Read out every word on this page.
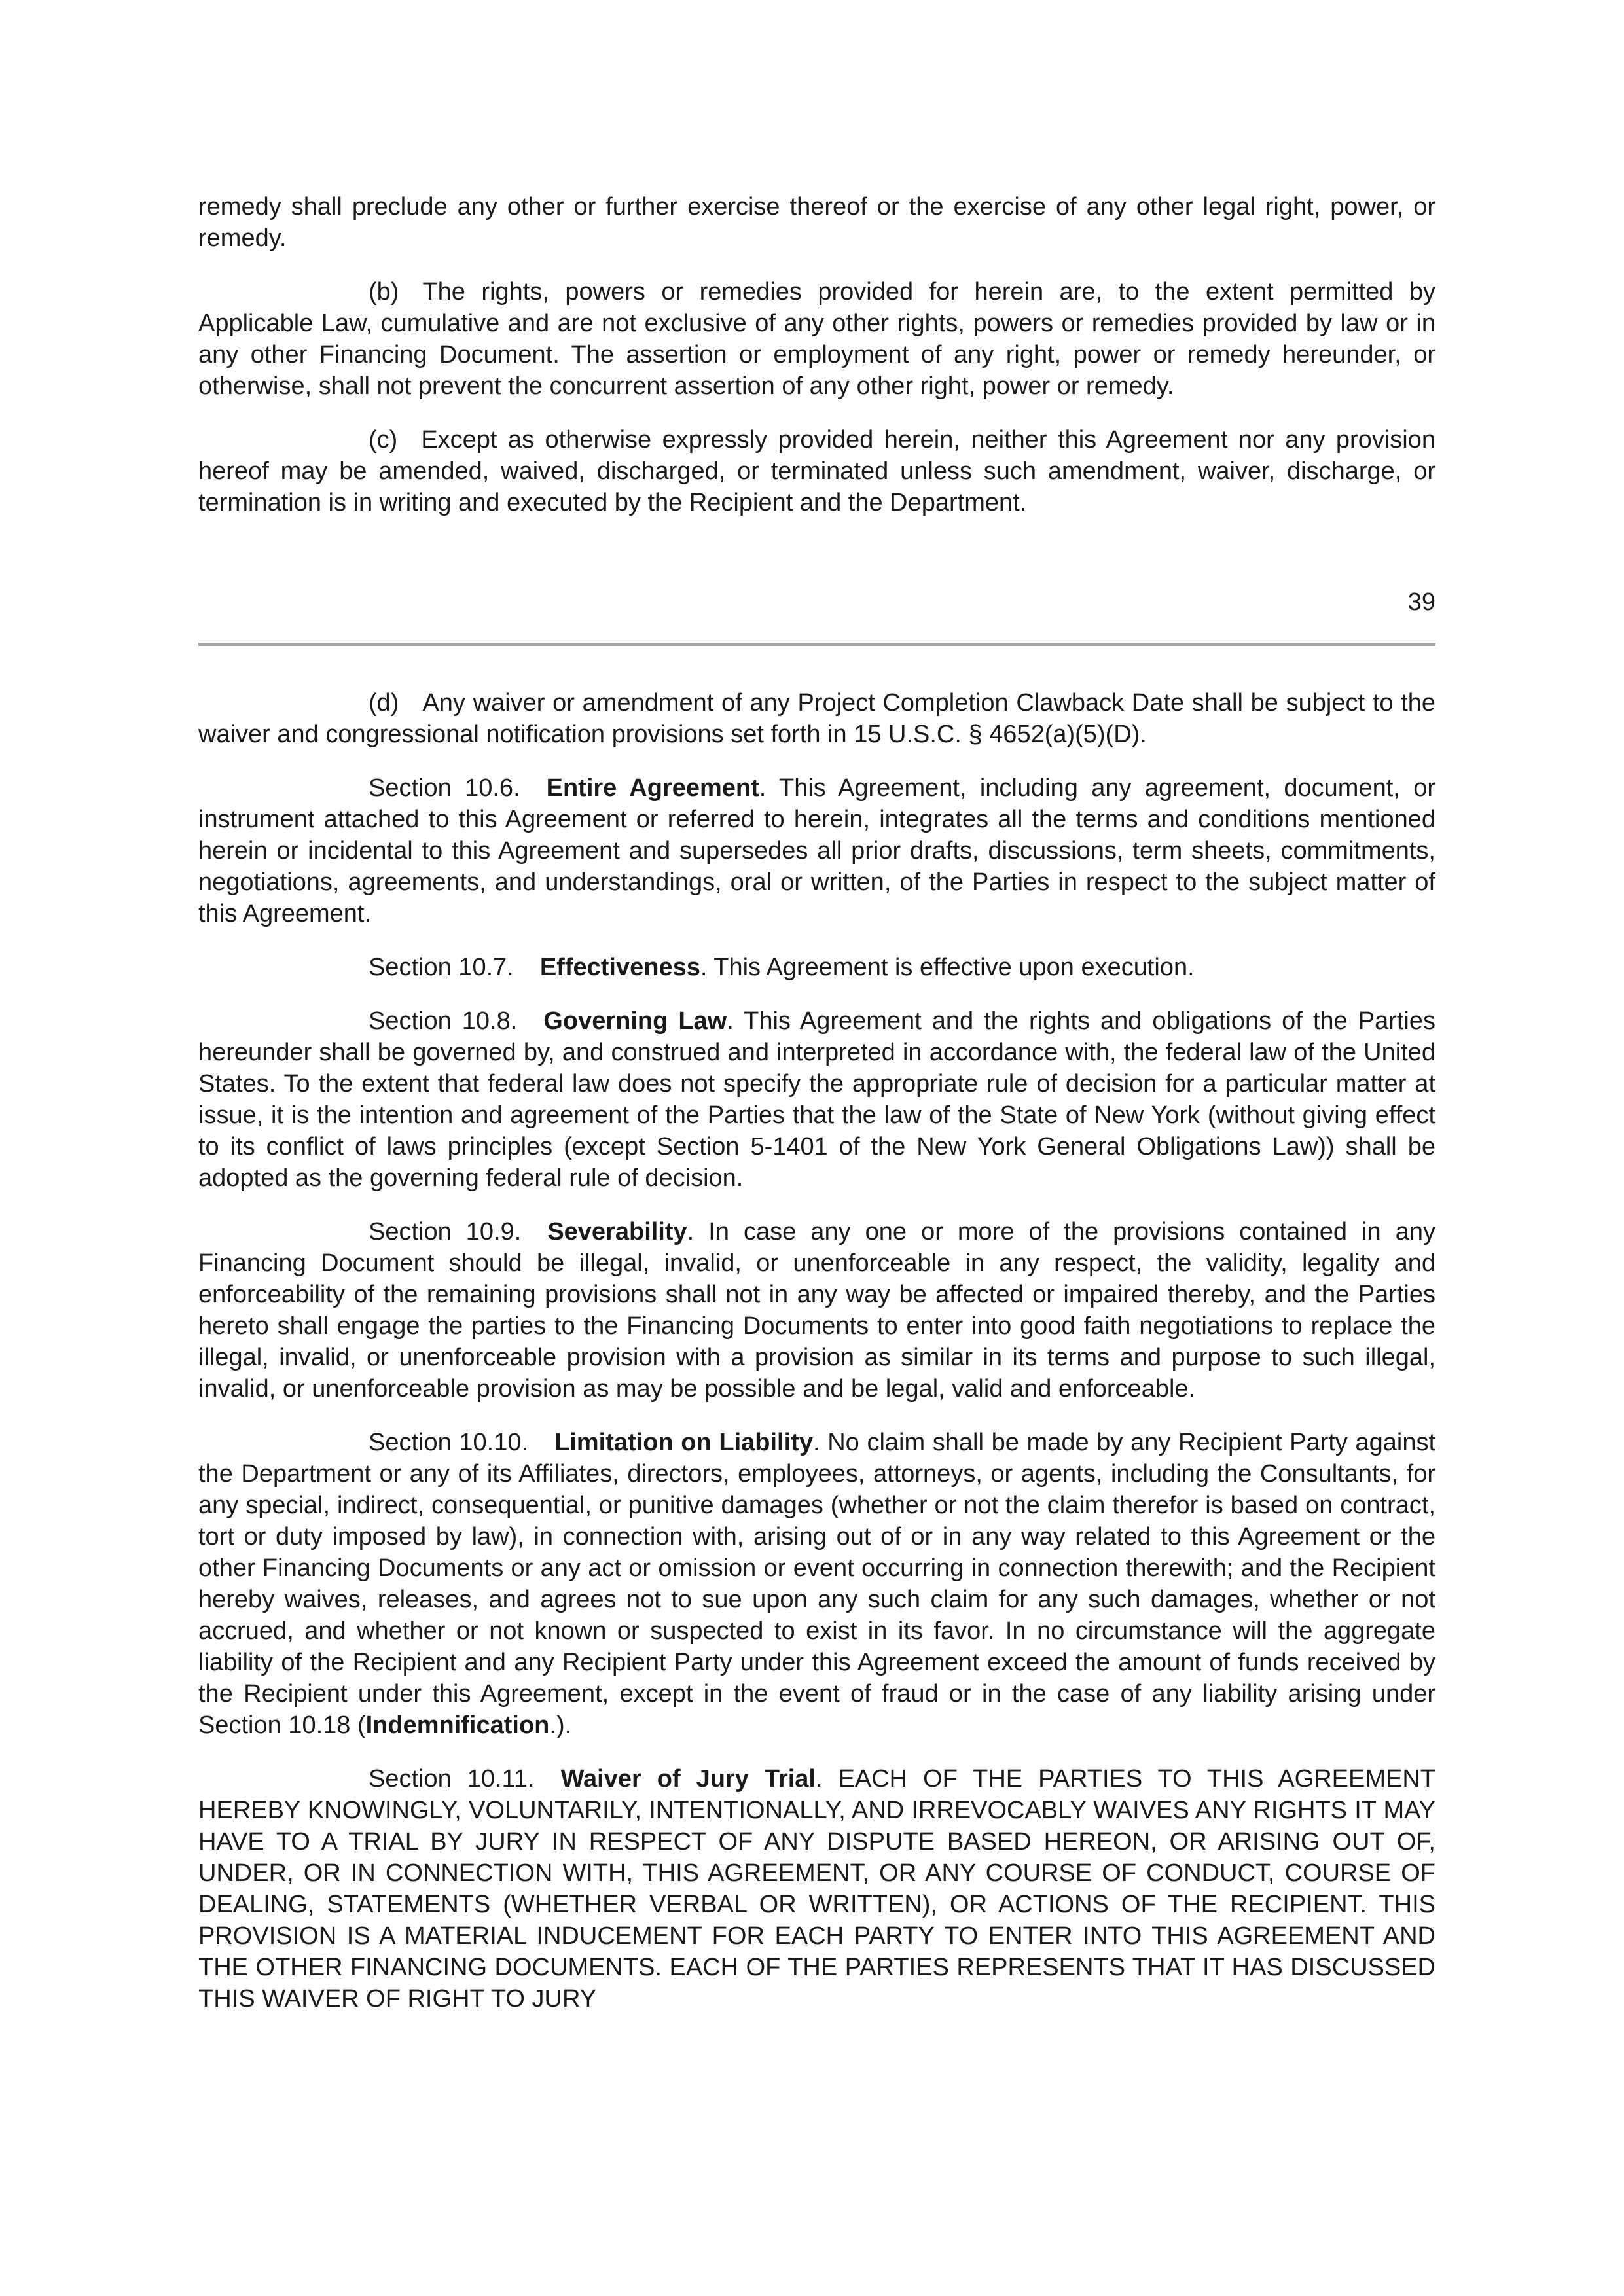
remedy shall preclude any other or further exercise thereof or the exercise of any other legal right, power, or remedy.

(b) The rights, powers or remedies provided for herein are, to the extent permitted by Applicable Law, cumulative and are not exclusive of any other rights, powers or remedies provided by law or in any other Financing Document. The assertion or employment of any right, power or remedy hereunder, or otherwise, shall not prevent the concurrent assertion of any other right, power or remedy.

(c) Except as otherwise expressly provided herein, neither this Agreement nor any provision hereof may be amended, waived, discharged, or terminated unless such amendment, waiver, discharge, or termination is in writing and executed by the Recipient and the Department.

39

(d) Any waiver or amendment of any Project Completion Clawback Date shall be subject to the waiver and congressional notification provisions set forth in 15 U.S.C. § 4652(a)(5)(D).

Section 10.6. Entire Agreement. This Agreement, including any agreement, document, or instrument attached to this Agreement or referred to herein, integrates all the terms and conditions mentioned herein or incidental to this Agreement and supersedes all prior drafts, discussions, term sheets, commitments, negotiations, agreements, and understandings, oral or written, of the Parties in respect to the subject matter of this Agreement.

Section 10.7. Effectiveness. This Agreement is effective upon execution.

Section 10.8. Governing Law. This Agreement and the rights and obligations of the Parties hereunder shall be governed by, and construed and interpreted in accordance with, the federal law of the United States. To the extent that federal law does not specify the appropriate rule of decision for a particular matter at issue, it is the intention and agreement of the Parties that the law of the State of New York (without giving effect to its conflict of laws principles (except Section 5-1401 of the New York General Obligations Law)) shall be adopted as the governing federal rule of decision.

Section 10.9. Severability. In case any one or more of the provisions contained in any Financing Document should be illegal, invalid, or unenforceable in any respect, the validity, legality and enforceability of the remaining provisions shall not in any way be affected or impaired thereby, and the Parties hereto shall engage the parties to the Financing Documents to enter into good faith negotiations to replace the illegal, invalid, or unenforceable provision with a provision as similar in its terms and purpose to such illegal, invalid, or unenforceable provision as may be possible and be legal, valid and enforceable.

Section 10.10. Limitation on Liability. No claim shall be made by any Recipient Party against the Department or any of its Affiliates, directors, employees, attorneys, or agents, including the Consultants, for any special, indirect, consequential, or punitive damages (whether or not the claim therefor is based on contract, tort or duty imposed by law), in connection with, arising out of or in any way related to this Agreement or the other Financing Documents or any act or omission or event occurring in connection therewith; and the Recipient hereby waives, releases, and agrees not to sue upon any such claim for any such damages, whether or not accrued, and whether or not known or suspected to exist in its favor. In no circumstance will the aggregate liability of the Recipient and any Recipient Party under this Agreement exceed the amount of funds received by the Recipient under this Agreement, except in the event of fraud or in the case of any liability arising under Section 10.18 (Indemnification.).

Section 10.11. Waiver of Jury Trial. EACH OF THE PARTIES TO THIS AGREEMENT HEREBY KNOWINGLY, VOLUNTARILY, INTENTIONALLY, AND IRREVOCABLY WAIVES ANY RIGHTS IT MAY HAVE TO A TRIAL BY JURY IN RESPECT OF ANY DISPUTE BASED HEREON, OR ARISING OUT OF, UNDER, OR IN CONNECTION WITH, THIS AGREEMENT, OR ANY COURSE OF CONDUCT, COURSE OF DEALING, STATEMENTS (WHETHER VERBAL OR WRITTEN), OR ACTIONS OF THE RECIPIENT. THIS PROVISION IS A MATERIAL INDUCEMENT FOR EACH PARTY TO ENTER INTO THIS AGREEMENT AND THE OTHER FINANCING DOCUMENTS. EACH OF THE PARTIES REPRESENTS THAT IT HAS DISCUSSED THIS WAIVER OF RIGHT TO JURY
